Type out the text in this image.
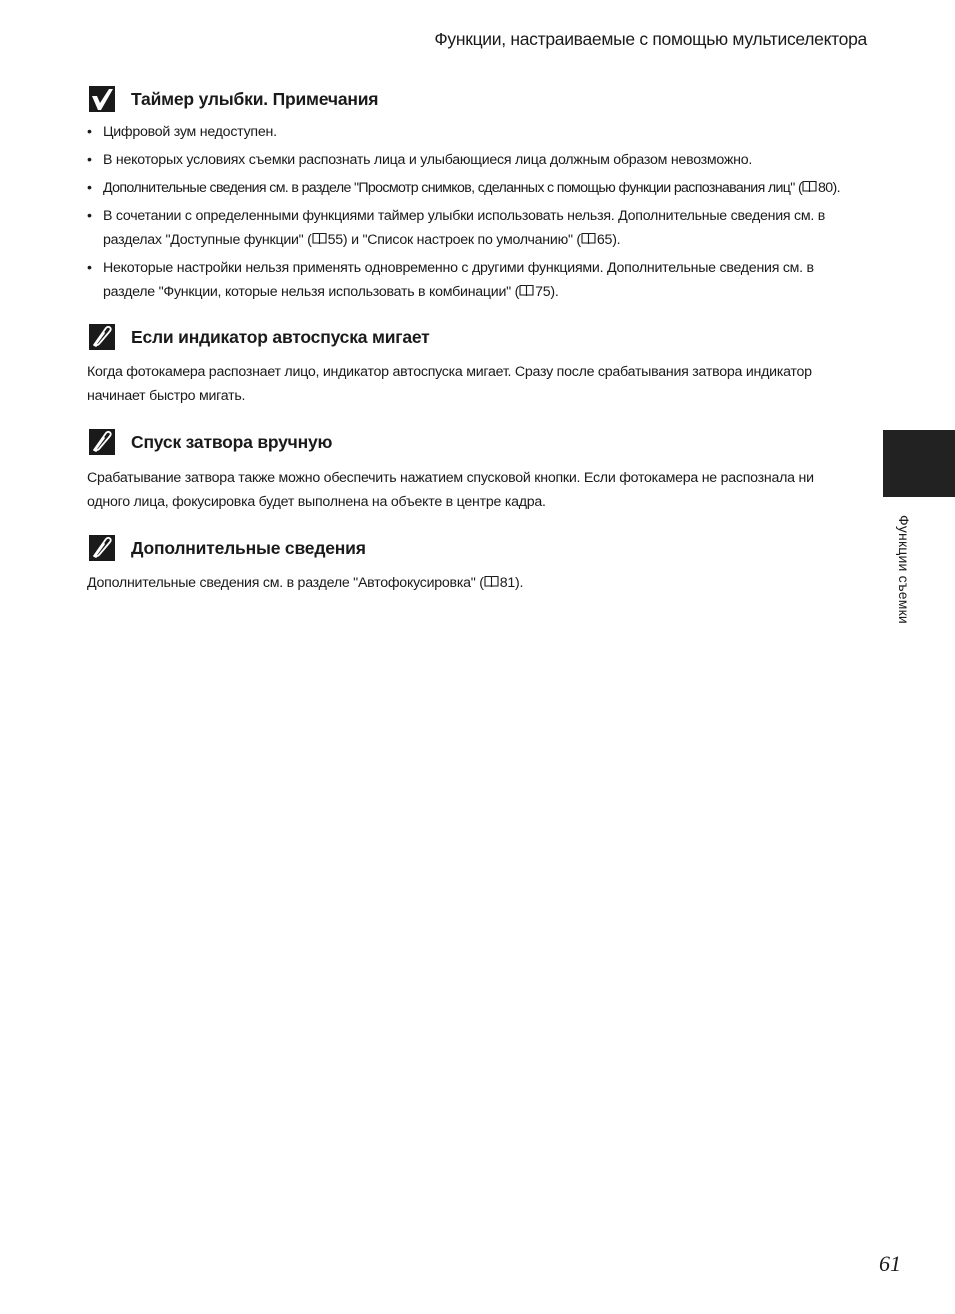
Функции, настраиваемые с помощью мультиселектора
Функции съемки
Таймер улыбки. Примечания
• Цифровой зум недоступен.
• В некоторых условиях съемки распознать лица и улыбающиеся лица должным образом невозможно.
• Дополнительные сведения см. в разделе "Просмотр снимков, сделанных с помощью функции распознавания лиц" ( 80).
• В сочетании с определенными функциями таймер улыбки использовать нельзя. Дополнительные сведения см. в разделах "Доступные функции" ( 55) и "Список настроек по умолчанию" ( 65).
• Некоторые настройки нельзя применять одновременно с другими функциями. Дополнительные сведения см. в разделе "Функции, которые нельзя использовать в комбинации" ( 75).
Если индикатор автоспуска мигает

Когда фотокамера распознает лицо, индикатор автоспуска мигает. Сразу после срабатывания затвора индикатор начинает быстро мигать.

Спуск затвора вручную

Срабатывание затвора также можно обеспечить нажатием спусковой кнопки. Если фотокамера не распознала ни одного лица, фокусировка будет выполнена на объекте в центре кадра.

Дополнительные сведения

Дополнительные сведения см. в разделе "Автофокусировка" ( 81).

61
